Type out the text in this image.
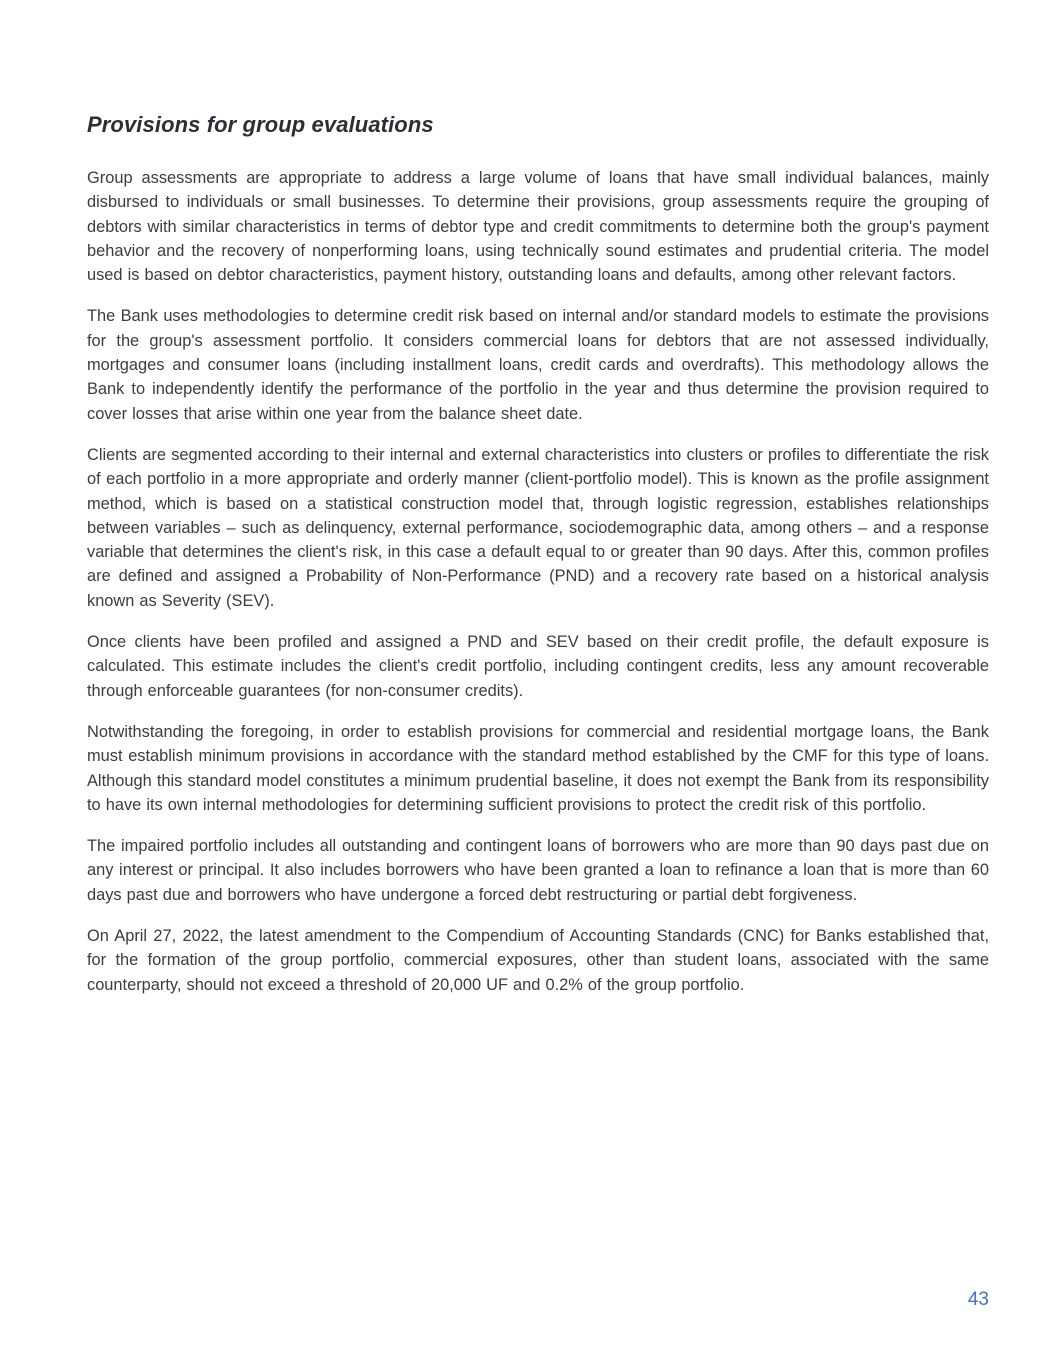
Provisions for group evaluations

Group assessments are appropriate to address a large volume of loans that have small individual balances, mainly disbursed to individuals or small businesses. To determine their provisions, group assessments require the grouping of debtors with similar characteristics in terms of debtor type and credit commitments to determine both the group's payment behavior and the recovery of nonperforming loans, using technically sound estimates and prudential criteria. The model used is based on debtor characteristics, payment history, outstanding loans and defaults, among other relevant factors.

The Bank uses methodologies to determine credit risk based on internal and/or standard models to estimate the provisions for the group's assessment portfolio. It considers commercial loans for debtors that are not assessed individually, mortgages and consumer loans (including installment loans, credit cards and overdrafts). This methodology allows the Bank to independently identify the performance of the portfolio in the year and thus determine the provision required to cover losses that arise within one year from the balance sheet date.

Clients are segmented according to their internal and external characteristics into clusters or profiles to differentiate the risk of each portfolio in a more appropriate and orderly manner (client-portfolio model). This is known as the profile assignment method, which is based on a statistical construction model that, through logistic regression, establishes relationships between variables – such as delinquency, external performance, sociodemographic data, among others – and a response variable that determines the client's risk, in this case a default equal to or greater than 90 days. After this, common profiles are defined and assigned a Probability of Non-Performance (PND) and a recovery rate based on a historical analysis known as Severity (SEV).

Once clients have been profiled and assigned a PND and SEV based on their credit profile, the default exposure is calculated. This estimate includes the client's credit portfolio, including contingent credits, less any amount recoverable through enforceable guarantees (for non-consumer credits).

Notwithstanding the foregoing, in order to establish provisions for commercial and residential mortgage loans, the Bank must establish minimum provisions in accordance with the standard method established by the CMF for this type of loans. Although this standard model constitutes a minimum prudential baseline, it does not exempt the Bank from its responsibility to have its own internal methodologies for determining sufficient provisions to protect the credit risk of this portfolio.

The impaired portfolio includes all outstanding and contingent loans of borrowers who are more than 90 days past due on any interest or principal. It also includes borrowers who have been granted a loan to refinance a loan that is more than 60 days past due and borrowers who have undergone a forced debt restructuring or partial debt forgiveness.

On April 27, 2022, the latest amendment to the Compendium of Accounting Standards (CNC) for Banks established that, for the formation of the group portfolio, commercial exposures, other than student loans, associated with the same counterparty, should not exceed a threshold of 20,000 UF and 0.2% of the group portfolio.

43
